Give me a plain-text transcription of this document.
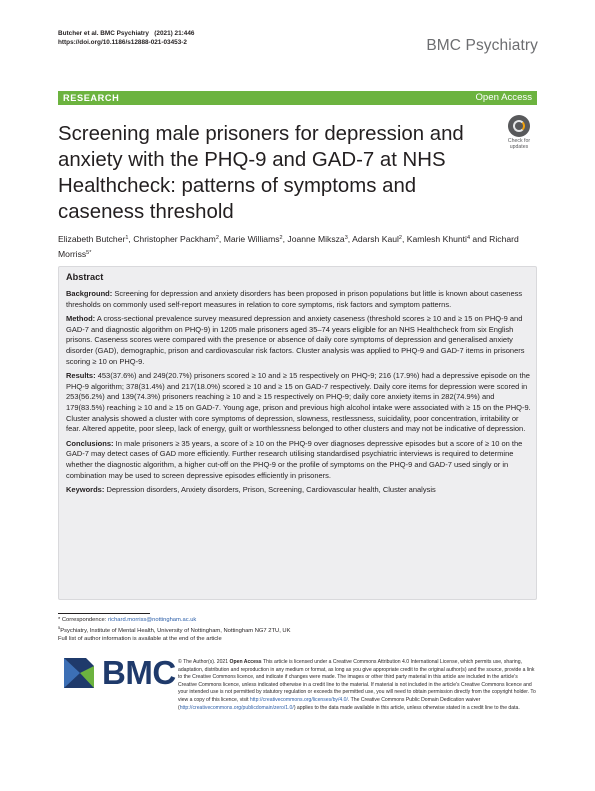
Butcher et al. BMC Psychiatry (2021) 21:446
https://doi.org/10.1186/s12888-021-03453-2	BMC Psychiatry
RESEARCH	Open Access
Screening male prisoners for depression and anxiety with the PHQ-9 and GAD-7 at NHS Healthcheck: patterns of symptoms and caseness threshold
Check for updates
Elizabeth Butcher$^1$, Christopher Packham$^2$, Marie Williams$^2$, Joanne Miksza$^3$, Adarsh Kaul$^2$, Kamlesh Khunti$^4$ and Richard Morriss$^{5*}$
Abstract

Background: Screening for depression and anxiety disorders has been proposed in prison populations but little is known about caseness thresholds on commonly used self-report measures in relation to core symptoms, risk factors and symptom patterns.

Method: A cross-sectional prevalence survey measured depression and anxiety caseness (threshold scores ≥ 10 and ≥ 15 on PHQ-9 and GAD-7 and diagnostic algorithm on PHQ-9) in 1205 male prisoners aged 35–74 years eligible for an NHS Healthcheck from six English prisons. Caseness scores were compared with the presence or absence of daily core symptoms of depression and generalised anxiety disorder (GAD), demographic, prison and cardiovascular risk factors. Cluster analysis was applied to PHQ-9 and GAD-7 items in prisoners scoring ≥ 10 on PHQ-9.

Results: 453(37.6%) and 249(20.7%) prisoners scored ≥ 10 and ≥ 15 respectively on PHQ-9; 216 (17.9%) had a depressive episode on the PHQ-9 algorithm; 378(31.4%) and 217(18.0%) scored ≥ 10 and ≥ 15 on GAD-7 respectively. Daily core items for depression were scored in 253(56.2%) and 139(74.3%) prisoners reaching ≥ 10 and ≥ 15 respectively on PHQ-9; daily core anxiety items in 282(74.9%) and 179(83.5%) reaching ≥ 10 and ≥ 15 on GAD-7. Young age, prison and previous high alcohol intake were associated with ≥ 15 on the PHQ-9. Cluster analysis showed a cluster with core symptoms of depression, slowness, restlessness, suicidality, poor concentration, irritability or fear. Altered appetite, poor sleep, lack of energy, guilt or worthlessness belonged to other clusters and may not be indicative of depression.

Conclusions: In male prisoners ≥ 35 years, a score of ≥ 10 on the PHQ-9 over diagnoses depressive episodes but a score of ≥ 10 on the GAD-7 may detect cases of GAD more efficiently. Further research utilising standardised psychiatric interviews is required to determine whether the diagnostic algorithm, a higher cut-off on the PHQ-9 or the profile of symptoms on the PHQ-9 and GAD-7 used singly or in combination may be used to screen depressive episodes efficiently in prisoners.

Keywords: Depression disorders, Anxiety disorders, Prison, Screening, Cardiovascular health, Cluster analysis

* Correspondence: richard.morriss@nottingham.ac.uk
$^5$Psychiatry, Institute of Mental Health, University of Nottingham, Nottingham NG7 2TU, UK
Full list of author information is available at the end of the article
BMC © The Author(s). 2021 Open Access This article is licensed under a Creative Commons Attribution 4.0 International License, which permits use, sharing, adaptation, distribution and reproduction in any medium or format, as long as you give appropriate credit to the original author(s) and the source, provide a link to the Creative Commons licence, and indicate if changes were made. The images or other third party material in this article are included in the article's Creative Commons licence, unless indicated otherwise in a credit line to the material. If material is not included in the article's Creative Commons licence and your intended use is not permitted by statutory regulation or exceeds the permitted use, you will need to obtain permission directly from the copyright holder. To view a copy of this licence, visit http://creativecommons.org/licenses/by/4.0/. The Creative Commons Public Domain Dedication waiver (http://creativecommons.org/publicdomain/zero/1.0/) applies to the data made available in this article, unless otherwise stated in a credit line to the data.
